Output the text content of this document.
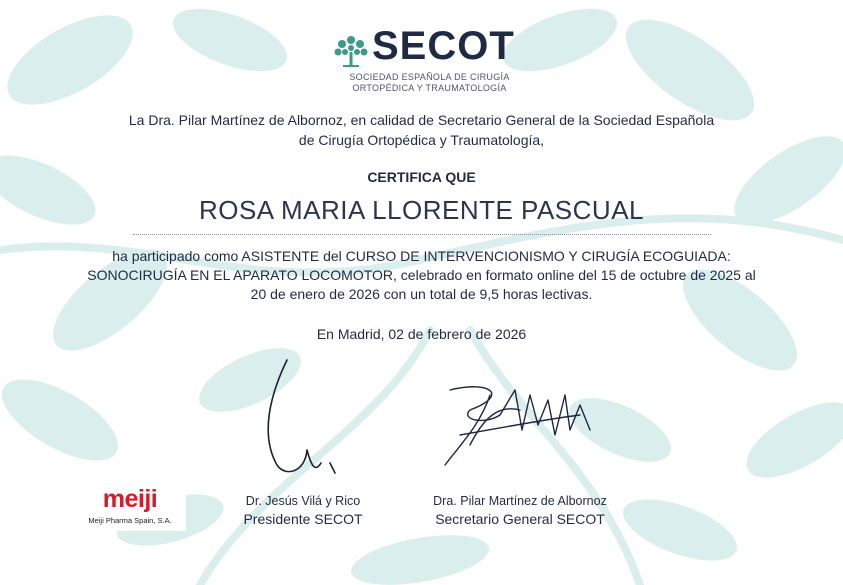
SECOT
SOCIEDAD ESPAÑOLA DE CIRUGÍA
ORTOPÉDICA Y TRAUMATOLOGÍA
La Dra. Pilar Martínez de Albornoz, en calidad de Secretario General de la Sociedad Española
de Cirugía Ortopédica y Traumatología,
CERTIFICA QUE
ROSA MARIA LLORENTE PASCUAL
ha participado como ASISTENTE del CURSO DE INTERVENCIONISMO Y CIRUGÍA ECOGUIADA:
SONOCIRUGÍA EN EL APARATO LOCOMOTOR, celebrado en formato online del 15 de octubre de 2025 al
20 de enero de 2026 con un total de 9,5 horas lectivas.
En Madrid, 02 de febrero de 2026
Dr. Jesús Vilá y Rico
Presidente SECOT
Dra. Pilar Martínez de Albornoz
Secretario General SECOT
meiji
Meiji Pharma Spain, S.A.
